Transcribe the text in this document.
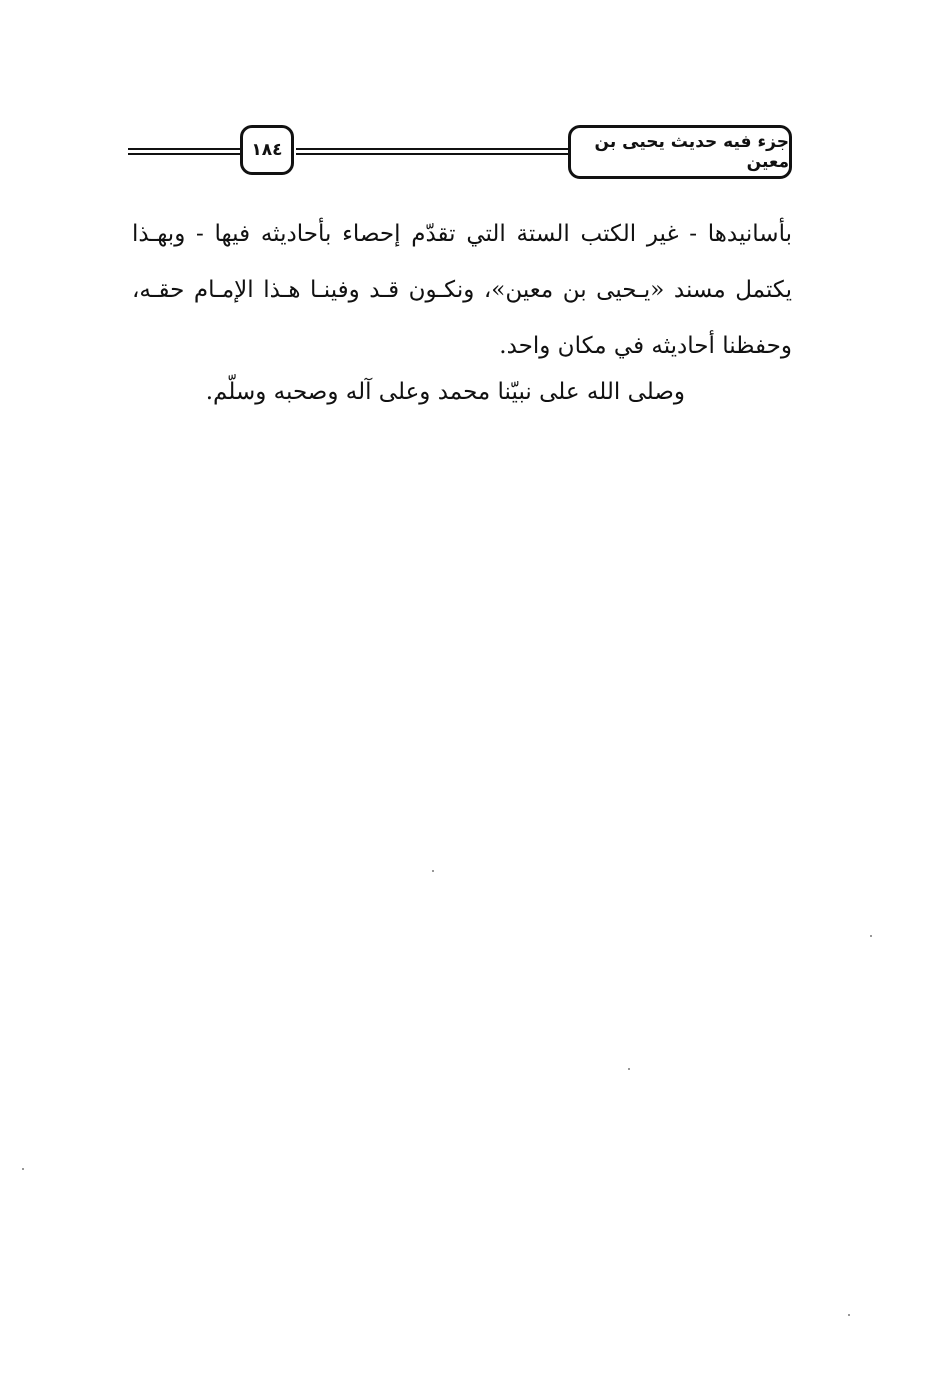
١٨٤	جزء فيه حديث يحيى بن معين
بأسانيدها - غير الكتب الستة التي تقدّم إحصاء بأحاديثه فيها - وبهـذا
يكتمل مسند «يـحيى بن معين»، ونكـون قـد وفينـا هـذا الإمـام حقـه،
وحفظنا أحاديثه في مكان واحد.
وصلى الله على نبيّنا محمد وعلى آله وصحبه وسلّم.
